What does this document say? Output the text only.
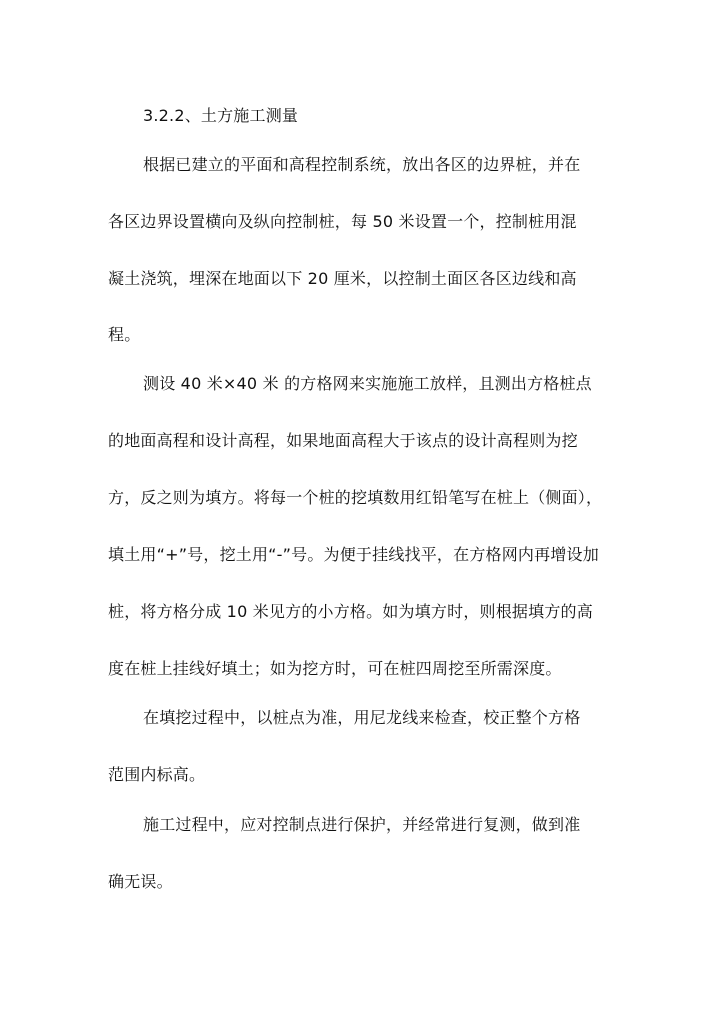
3.2.2、土方施工测量
根据已建立的平面和高程控制系统，放出各区的边界桩，并在
各区边界设置横向及纵向控制桩，每 50 米设置一个，控制桩用混
凝土浇筑，埋深在地面以下 20 厘米，以控制土面区各区边线和高
程。
测设 40 米×40 米 的方格网来实施施工放样，且测出方格桩点
的地面高程和设计高程，如果地面高程大于该点的设计高程则为挖
方，反之则为填方。将每一个桩的挖填数用红铅笔写在桩上（侧面），
填土用“+”号，挖土用“-”号。为便于挂线找平，在方格网内再增设加
桩，将方格分成 10 米见方的小方格。如为填方时，则根据填方的高
度在桩上挂线好填土；如为挖方时，可在桩四周挖至所需深度。
在填挖过程中，以桩点为准，用尼龙线来检查，校正整个方格
范围内标高。
施工过程中，应对控制点进行保护，并经常进行复测，做到准
确无误。
